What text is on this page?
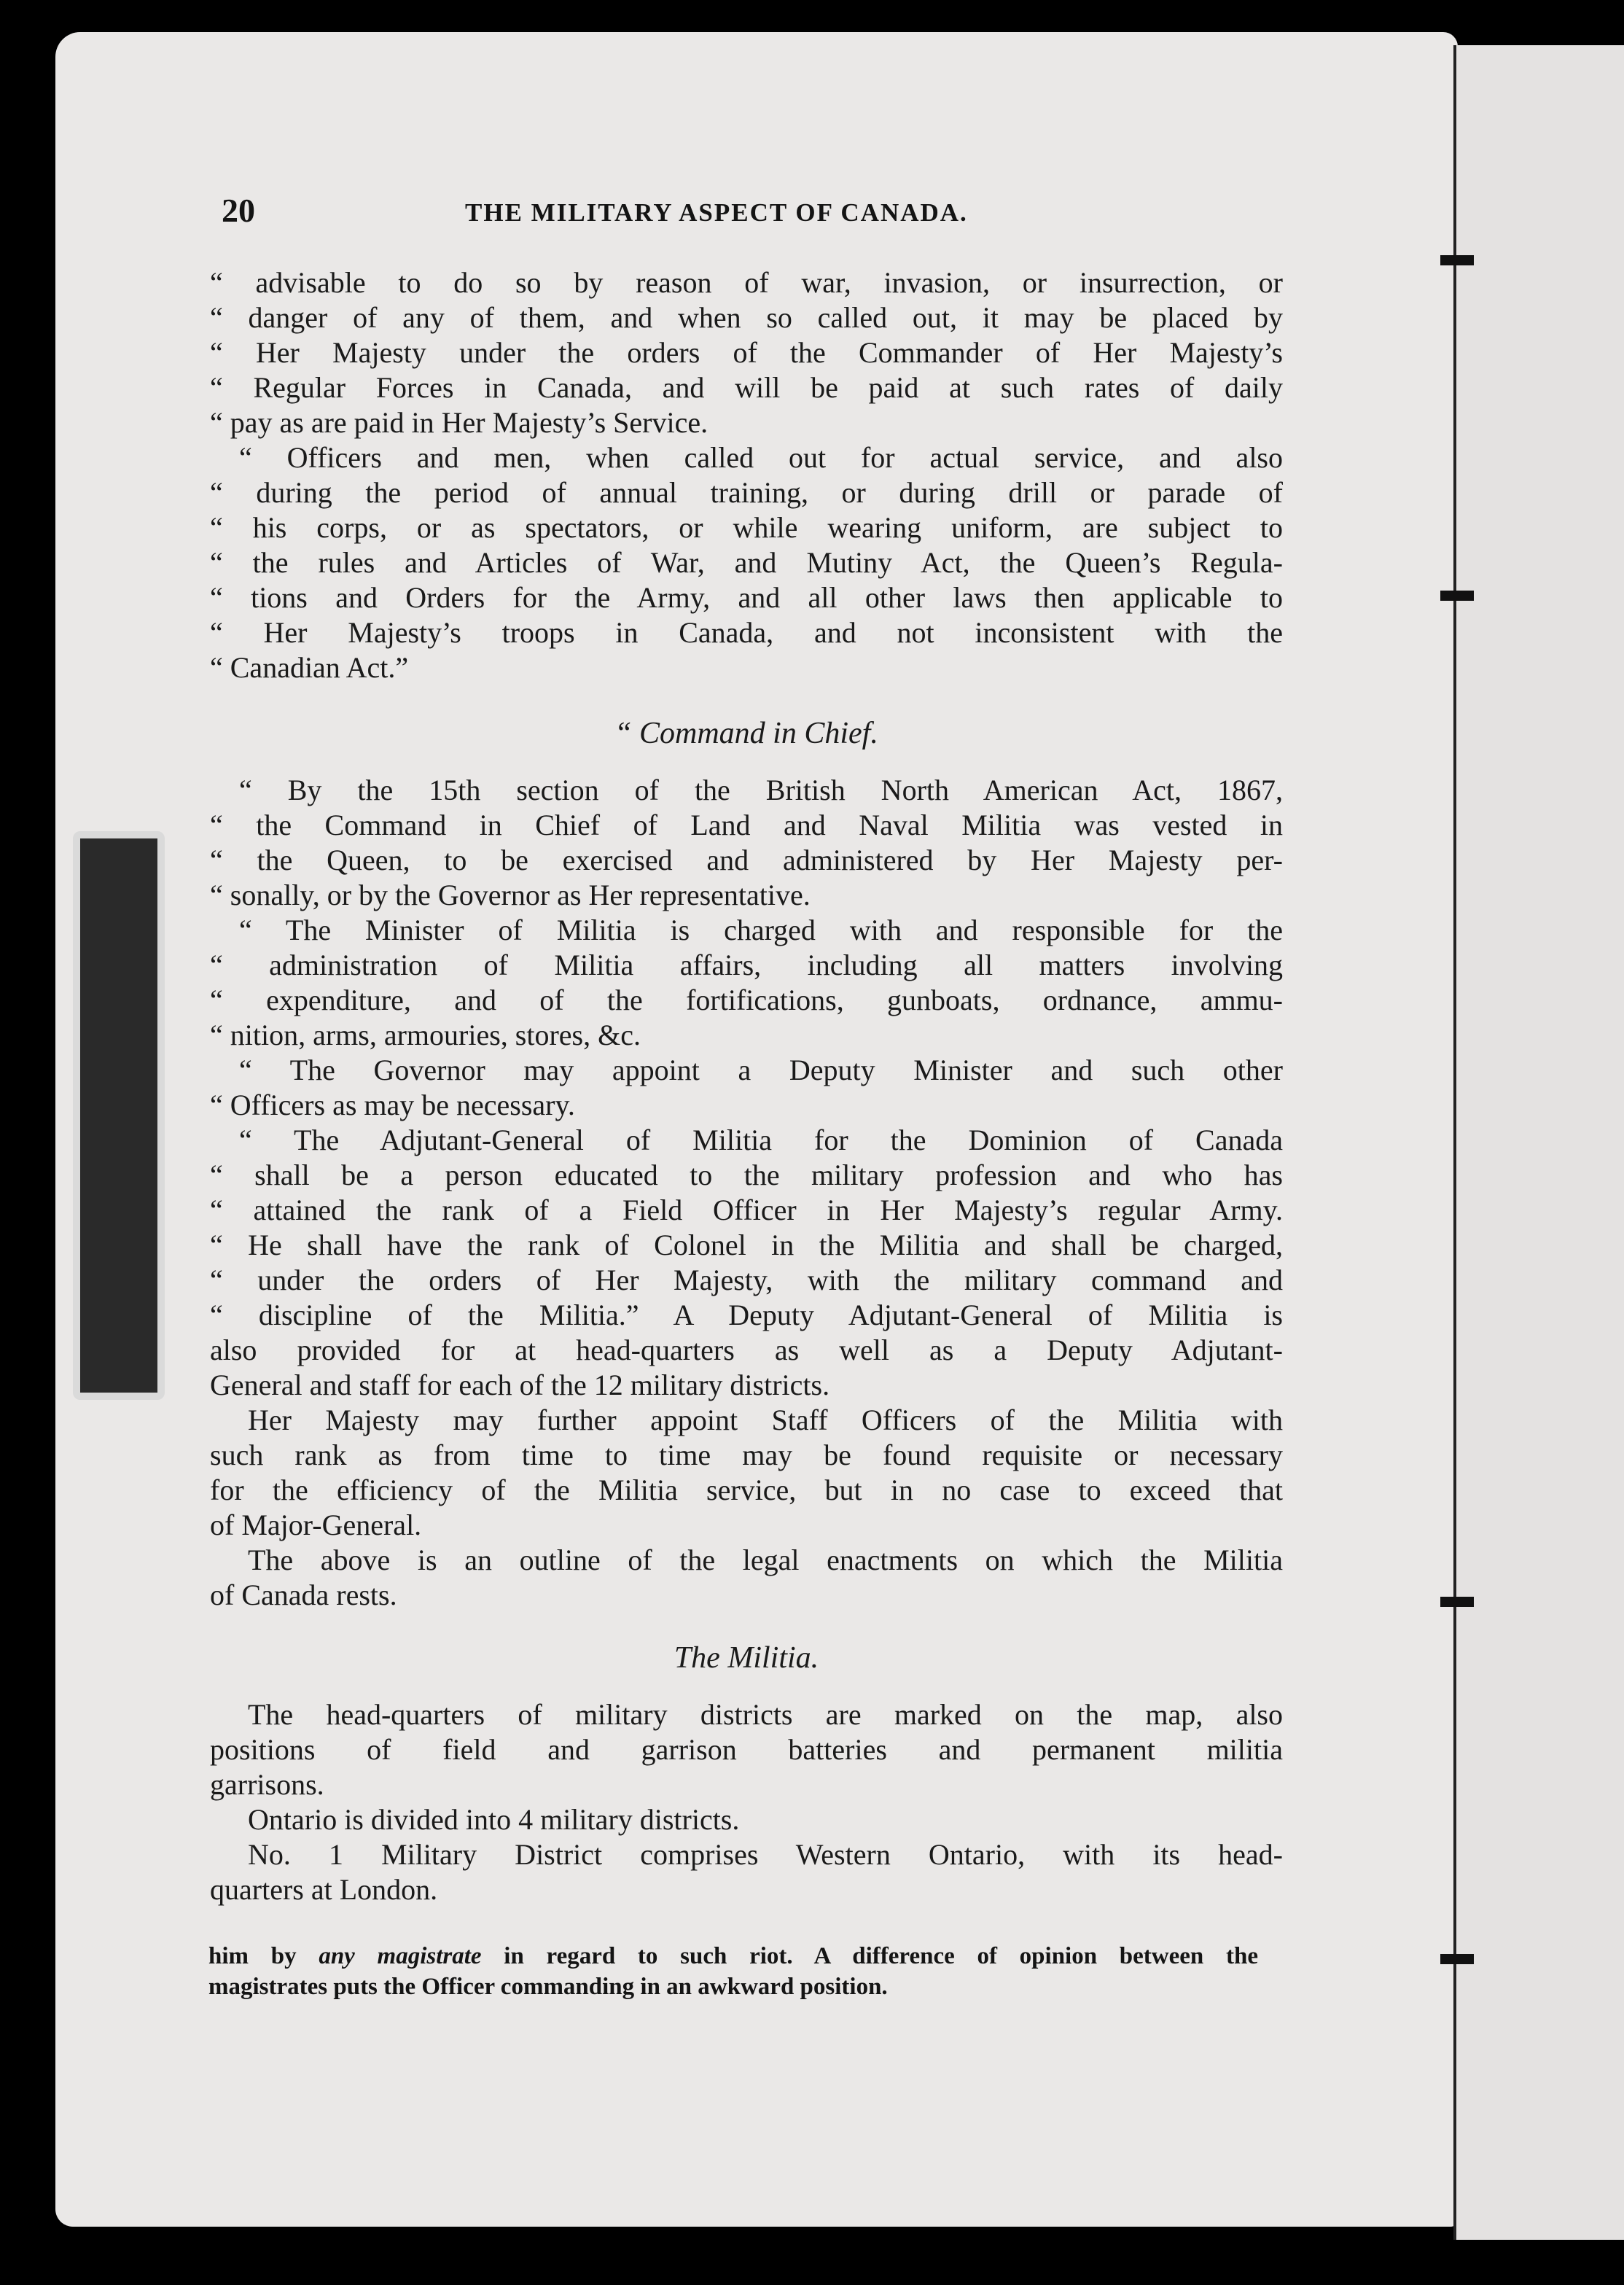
20	THE MILITARY ASPECT OF CANADA.
“ advisable to do so by reason of war, invasion, or insurrection, or
“ danger of any of them, and when so called out, it may be placed by
“ Her Majesty under the orders of the Commander of Her Majesty’s
“ Regular Forces in Canada, and will be paid at such rates of daily
“ pay as are paid in Her Majesty’s Service.
“ Officers and men, when called out for actual service, and also
“ during the period of annual training, or during drill or parade of
“ his corps, or as spectators, or while wearing uniform, are subject to
“ the rules and Articles of War, and Mutiny Act, the Queen’s Regula-
“ tions and Orders for the Army, and all other laws then applicable to
“ Her Majesty’s troops in Canada, and not inconsistent with the
“ Canadian Act.”
“ Command in Chief.
“ By the 15th section of the British North American Act, 1867,
“ the Command in Chief of Land and Naval Militia was vested in
“ the Queen, to be exercised and administered by Her Majesty per-
“ sonally, or by the Governor as Her representative.
“ The Minister of Militia is charged with and responsible for the
“ administration of Militia affairs, including all matters involving
“ expenditure, and of the fortifications, gunboats, ordnance, ammu-
“ nition, arms, armouries, stores, &c.
“ The Governor may appoint a Deputy Minister and such other
“ Officers as may be necessary.
“ The Adjutant-General of Militia for the Dominion of Canada
“ shall be a person educated to the military profession and who has
“ attained the rank of a Field Officer in Her Majesty’s regular Army.
“ He shall have the rank of Colonel in the Militia and shall be charged,
“ under the orders of Her Majesty, with the military command and
“ discipline of the Militia.” A Deputy Adjutant-General of Militia is
also provided for at head-quarters as well as a Deputy Adjutant-
General and staff for each of the 12 military districts.
Her Majesty may further appoint Staff Officers of the Militia with
such rank as from time to time may be found requisite or necessary
for the efficiency of the Militia service, but in no case to exceed that
of Major-General.
The above is an outline of the legal enactments on which the Militia
of Canada rests.
The Militia.
The head-quarters of military districts are marked on the map, also
positions of field and garrison batteries and permanent militia
garrisons.
Ontario is divided into 4 military districts.
No. 1 Military District comprises Western Ontario, with its head-
quarters at London.
him by any magistrate in regard to such riot. A difference of opinion between the
magistrates puts the Officer commanding in an awkward position.
